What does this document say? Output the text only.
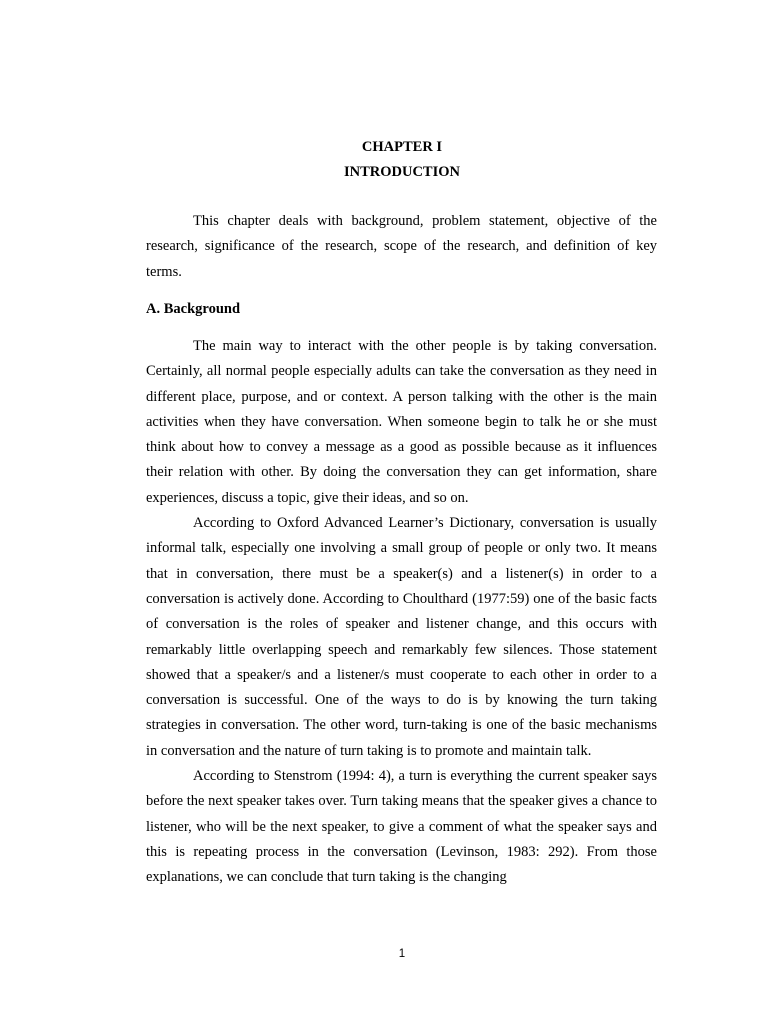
CHAPTER I

INTRODUCTION

This chapter deals with background, problem statement, objective of the research, significance of the research, scope of the research, and definition of key terms.

A. Background

The main way to interact with the other people is by taking conversation. Certainly, all normal people especially adults can take the conversation as they need in different place, purpose, and or context. A person talking with the other is the main activities when they have conversation. When someone begin to talk he or she must think about how to convey a message as a good as possible because as it influences their relation with other. By doing the conversation they can get information, share experiences, discuss a topic, give their ideas, and so on.

According to Oxford Advanced Learner’s Dictionary, conversation is usually informal talk, especially one involving a small group of people or only two. It means that in conversation, there must be a speaker(s) and a listener(s) in order to a conversation is actively done. According to Choulthard (1977:59) one of the basic facts of conversation is the roles of speaker and listener change, and this occurs with remarkably little overlapping speech and remarkably few silences. Those statement showed that a speaker/s and a listener/s must cooperate to each other in order to a conversation is successful. One of the ways to do is by knowing the turn taking strategies in conversation. The other word, turn-taking is one of the basic mechanisms in conversation and the nature of turn taking is to promote and maintain talk.

According to Stenstrom (1994: 4), a turn is everything the current speaker says before the next speaker takes over. Turn taking means that the speaker gives a chance to listener, who will be the next speaker, to give a comment of what the speaker says and this is repeating process in the conversation (Levinson, 1983: 292). From those explanations, we can conclude that turn taking is the changing

1
